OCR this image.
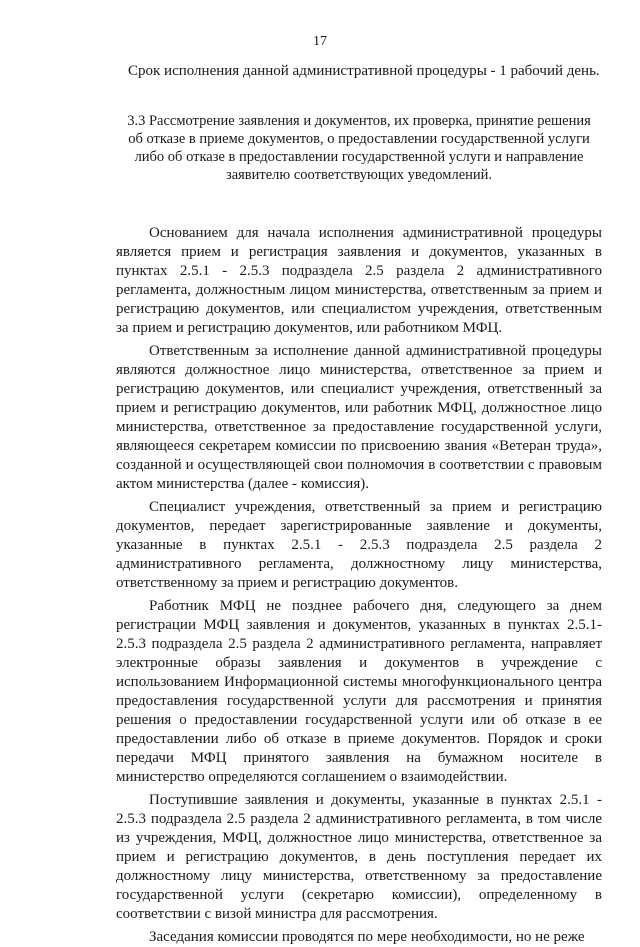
17

Срок исполнения данной административной процедуры - 1 рабочий день.

3.3 Рассмотрение заявления и документов, их проверка, принятие решения об отказе в приеме документов, о предоставлении государственной услуги либо об отказе в предоставлении государственной услуги и направление заявителю соответствующих уведомлений.

Основанием для начала исполнения административной процедуры является прием и регистрация заявления и документов, указанных в пунктах 2.5.1 - 2.5.3 подраздела 2.5 раздела 2 административного регламента, должностным лицом министерства, ответственным за прием и регистрацию документов, или специалистом учреждения, ответственным за прием и регистрацию документов, или работником МФЦ.

Ответственным за исполнение данной административной процедуры являются должностное лицо министерства, ответственное за прием и регистрацию документов, или специалист учреждения, ответственный за прием и регистрацию документов, или работник МФЦ, должностное лицо министерства, ответственное за предоставление государственной услуги, являющееся секретарем комиссии по присвоению звания «Ветеран труда», созданной и осуществляющей свои полномочия в соответствии с правовым актом министерства (далее - комиссия).

Специалист учреждения, ответственный за прием и регистрацию документов, передает зарегистрированные заявление и документы, указанные в пунктах 2.5.1 - 2.5.3 подраздела 2.5 раздела 2 административного регламента, должностному лицу министерства, ответственному за прием и регистрацию документов.

Работник МФЦ не позднее рабочего дня, следующего за днем регистрации МФЦ заявления и документов, указанных в пунктах 2.5.1-2.5.3 подраздела 2.5 раздела 2 административного регламента, направляет электронные образы заявления и документов в учреждение с использованием Информационной системы многофункционального центра предоставления государственной услуги для рассмотрения и принятия решения о предоставлении государственной услуги или об отказе в ее предоставлении либо об отказе в приеме документов. Порядок и сроки передачи МФЦ принятого заявления на бумажном носителе в министерство определяются соглашением о взаимодействии.

Поступившие заявления и документы, указанные в пунктах 2.5.1 - 2.5.3 подраздела 2.5 раздела 2 административного регламента, в том числе из учреждения, МФЦ, должностное лицо министерства, ответственное за прием и регистрацию документов, в день поступления передает их должностному лицу министерства, ответственному за предоставление государственной услуги (секретарю комиссии), определенному в соответствии с визой министра для рассмотрения.

Заседания комиссии проводятся по мере необходимости, но не реже
